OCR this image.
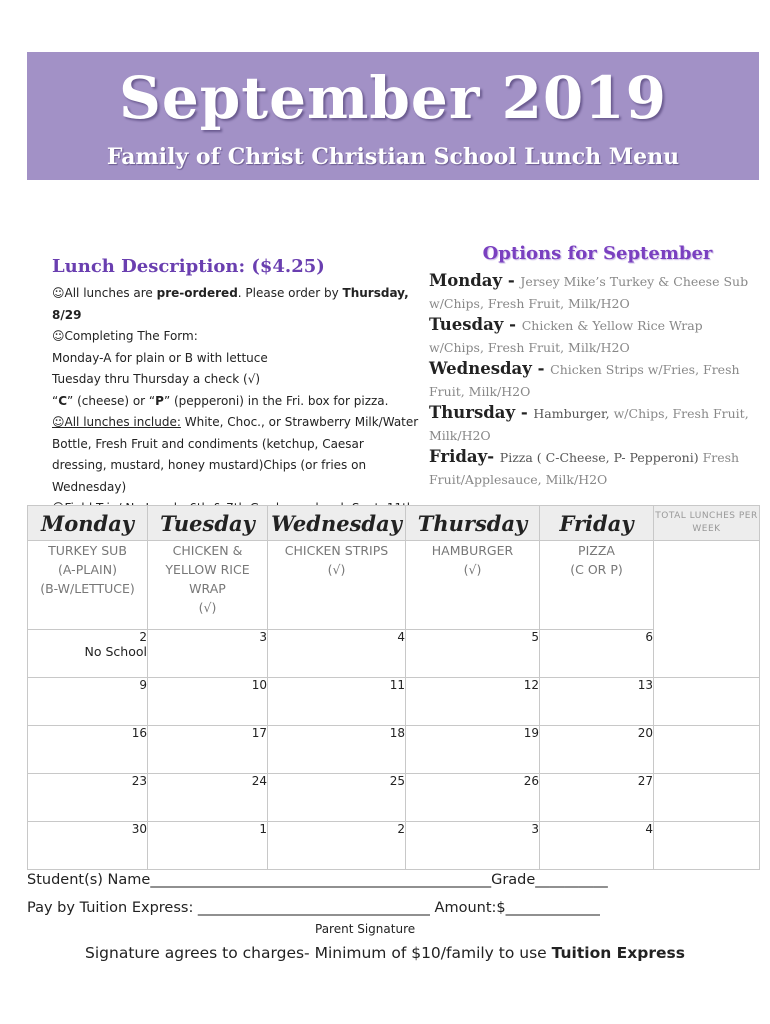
September 2019
Family of Christ Christian School Lunch Menu
Lunch Description: ($4.25)

☺All lunches are pre-ordered. Please order by Thursday, 8/29

☺Completing The Form:

Monday-A for plain or B with lettuce

Tuesday thru Thursday a check (√)

“C” (cheese) or “P” (pepperoni) in the Fri. box for pizza.

☺All lunches include: White, Choc., or Strawberry Milk/Water Bottle, Fresh Fruit and condiments (ketchup, Caesar dressing, mustard, honey mustard)Chips (or fries on Wednesday)

Options for September

Monday - Jersey Mike’s Turkey & Cheese Sub w/Chips, Fresh Fruit, Milk/H2O

Tuesday - Chicken & Yellow Rice Wrap w/Chips, Fresh Fruit, Milk/H2O

Wednesday - Chicken Strips w/Fries, Fresh Fruit, Milk/H2O

Thursday - Hamburger, w/Chips, Fresh Fruit, Milk/H2O

Friday- Pizza ( C-Cheese, P- Pepperoni) Fresh Fruit/Applesauce, Milk/H2O

Monday	Tuesday	Wednesday	Thursday	Friday	TOTAL LUNCHES PER WEEK
TURKEY SUB
(A-PLAIN)
(B-W/LETTUCE)	CHICKEN &
YELLOW RICE
WRAP
(√)	CHICKEN STRIPS
(√)	HAMBURGER
(√)	PIZZA
(C OR P)	
2
No School	3	4	5	6	
9	10	11	12	13	
16	17	18	19	20	
23	24	25	26	27	
30	1	2	3	4	
Student(s) Name_______________________________________________Grade__________
Pay by Tuition Express: ________________________________ Amount:$_____________
Parent Signature
Signature agrees to charges- Minimum of $10/family to use Tuition Express
